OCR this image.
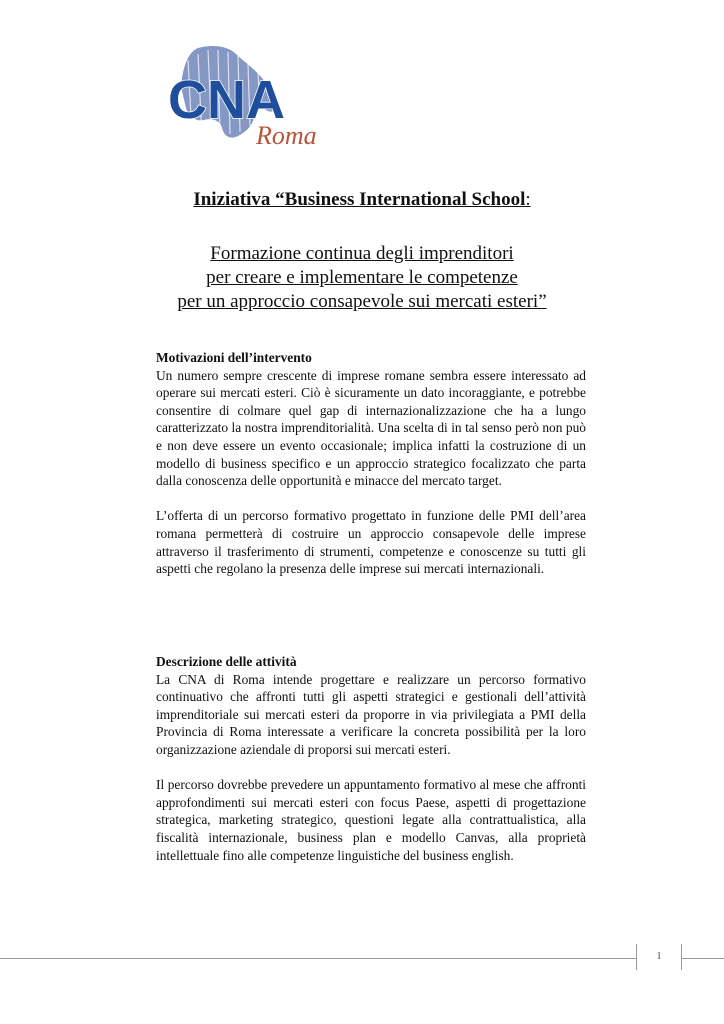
CNA
Roma

Iniziativa “Business International School:

Formazione continua degli imprenditori
per creare e implementare le competenze
per un approccio consapevole sui mercati esteri”

Motivazioni dell’intervento

Un numero sempre crescente di imprese romane sembra essere interessato ad operare sui mercati esteri. Ciò è sicuramente un dato incoraggiante, e potrebbe consentire di colmare quel gap di internazionalizzazione che ha a lungo caratterizzato la nostra imprenditorialità. Una scelta di in tal senso però non può e non deve essere un evento occasionale; implica infatti la costruzione di un modello di business specifico e un approccio strategico focalizzato che parta dalla conoscenza delle opportunità e minacce del mercato target.

L’offerta di un percorso formativo progettato in funzione delle PMI dell’area romana permetterà di costruire un approccio consapevole delle imprese attraverso il trasferimento di strumenti, competenze e conoscenze su tutti gli aspetti che regolano la presenza delle imprese sui mercati internazionali.

Descrizione delle attività

La CNA di Roma intende progettare e realizzare un percorso formativo continuativo che affronti tutti gli aspetti strategici e gestionali dell’attività imprenditoriale sui mercati esteri da proporre in via privilegiata a PMI della Provincia di Roma interessate a verificare la concreta possibilità per la loro organizzazione aziendale di proporsi sui mercati esteri.

Il percorso dovrebbe prevedere un appuntamento formativo al mese che affronti approfondimenti sui mercati esteri con focus Paese, aspetti di progettazione strategica, marketing strategico, questioni legate alla contrattualistica, alla fiscalità internazionale, business plan e modello Canvas, alla proprietà intellettuale fino alle competenze linguistiche del business english.

1
